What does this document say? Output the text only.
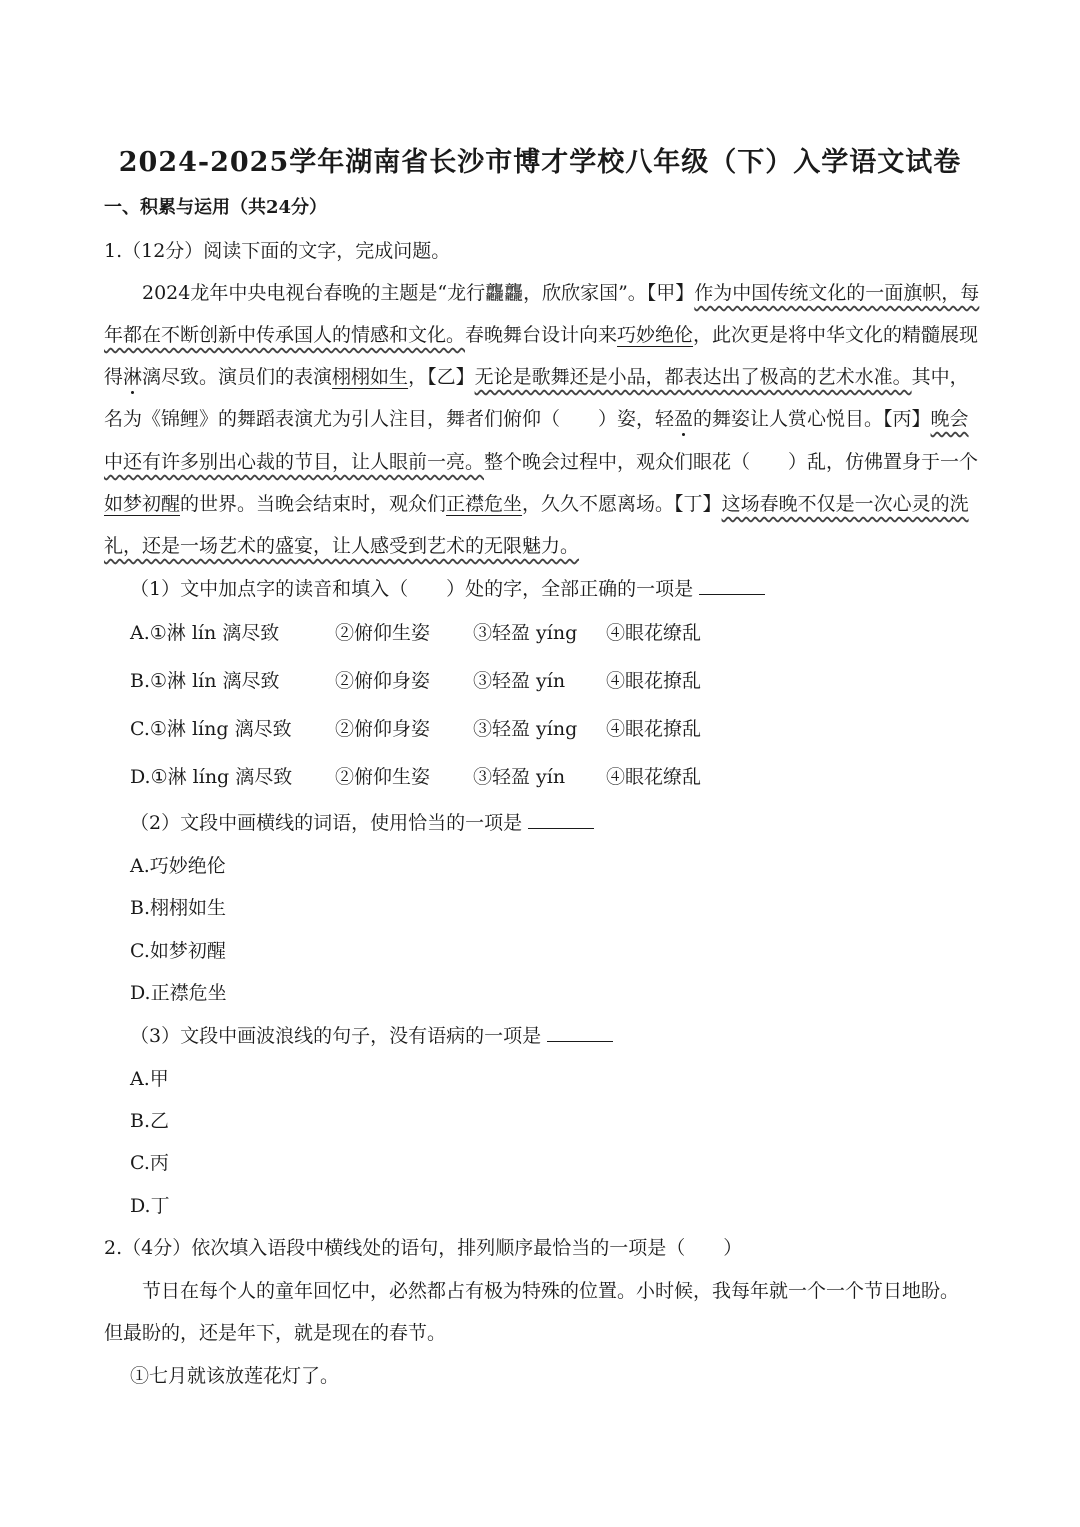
2024-2025学年湖南省长沙市博才学校八年级（下）入学语文试卷
一、积累与运用（共24分）
1.（12分）阅读下面的文字，完成问题。
2024龙年中央电视台春晚的主题是“龙行龘龘，欣欣家国”。【甲】作为中国传统文化的一面旗帜，每
年都在不断创新中传承国人的情感和文化。春晚舞台设计向来巧妙绝伦，此次更是将中华文化的精髓展现
得淋漓尽致。演员们的表演栩栩如生，【乙】无论是歌舞还是小品，都表达出了极高的艺术水准。其中，
名为《锦鲤》的舞蹈表演尤为引人注目，舞者们俯仰（　　）姿，轻盈的舞姿让人赏心悦目。【丙】晚会
中还有许多别出心裁的节目，让人眼前一亮。整个晚会过程中，观众们眼花（　　）乱，仿佛置身于一个
如梦初醒的世界。当晚会结束时，观众们正襟危坐，久久不愿离场。【丁】这场春晚不仅是一次心灵的洗
礼，还是一场艺术的盛宴，让人感受到艺术的无限魅力。
（1）文中加点字的读音和填入（　　）处的字，全部正确的一项是
A.①淋 lín 漓尽致	②俯仰生姿 ③轻盈 yíng ④眼花缭乱
B.①淋 lín 漓尽致	②俯仰身姿 ③轻盈 yín ④眼花撩乱
C.①淋 líng 漓尽致 ②俯仰身姿 ③轻盈 yíng ④眼花撩乱
D.①淋 líng 漓尽致 ②俯仰生姿 ③轻盈 yín ④眼花缭乱
（2）文段中画横线的词语，使用恰当的一项是
A.巧妙绝伦
B.栩栩如生
C.如梦初醒
D.正襟危坐
（3）文段中画波浪线的句子，没有语病的一项是
A.甲
B.乙
C.丙
D.丁
2.（4分）依次填入语段中横线处的语句，排列顺序最恰当的一项是（　　）
节日在每个人的童年回忆中，必然都占有极为特殊的位置。小时候，我每年就一个一个节日地盼。
但最盼的，还是年下，就是现在的春节。
①七月就该放莲花灯了。
